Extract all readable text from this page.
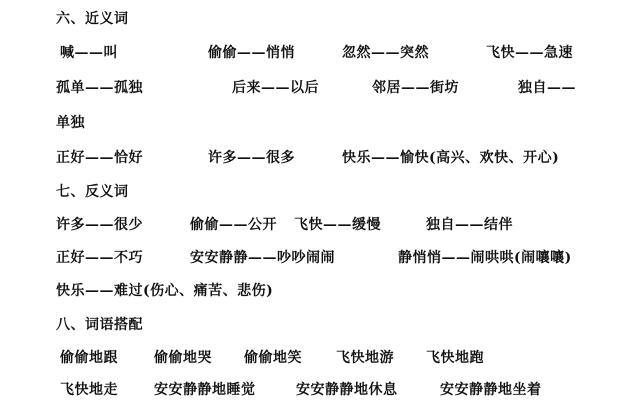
六、近义词
喊——叫	偷偷——悄悄	忽然——突然	飞快——急速
孤单——孤独	后来——以后	邻居——街坊	独自——
单独
正好——恰好	许多——很多	快乐——愉快(高兴、欢快、开心)
七、反义词
许多——很少	偷偷——公开 飞快——缓慢	独自——结伴
正好——不巧	安安静静——吵吵闹闹	静悄悄——闹哄哄(闹嚷嚷)
快乐——难过(伤心、痛苦、悲伤)
八、词语搭配
偷偷地跟	偷偷地哭 偷偷地笑 飞快地游 飞快地跑
飞快地走	安安静静地睡觉	安安静静地休息	安安静静地坐着
